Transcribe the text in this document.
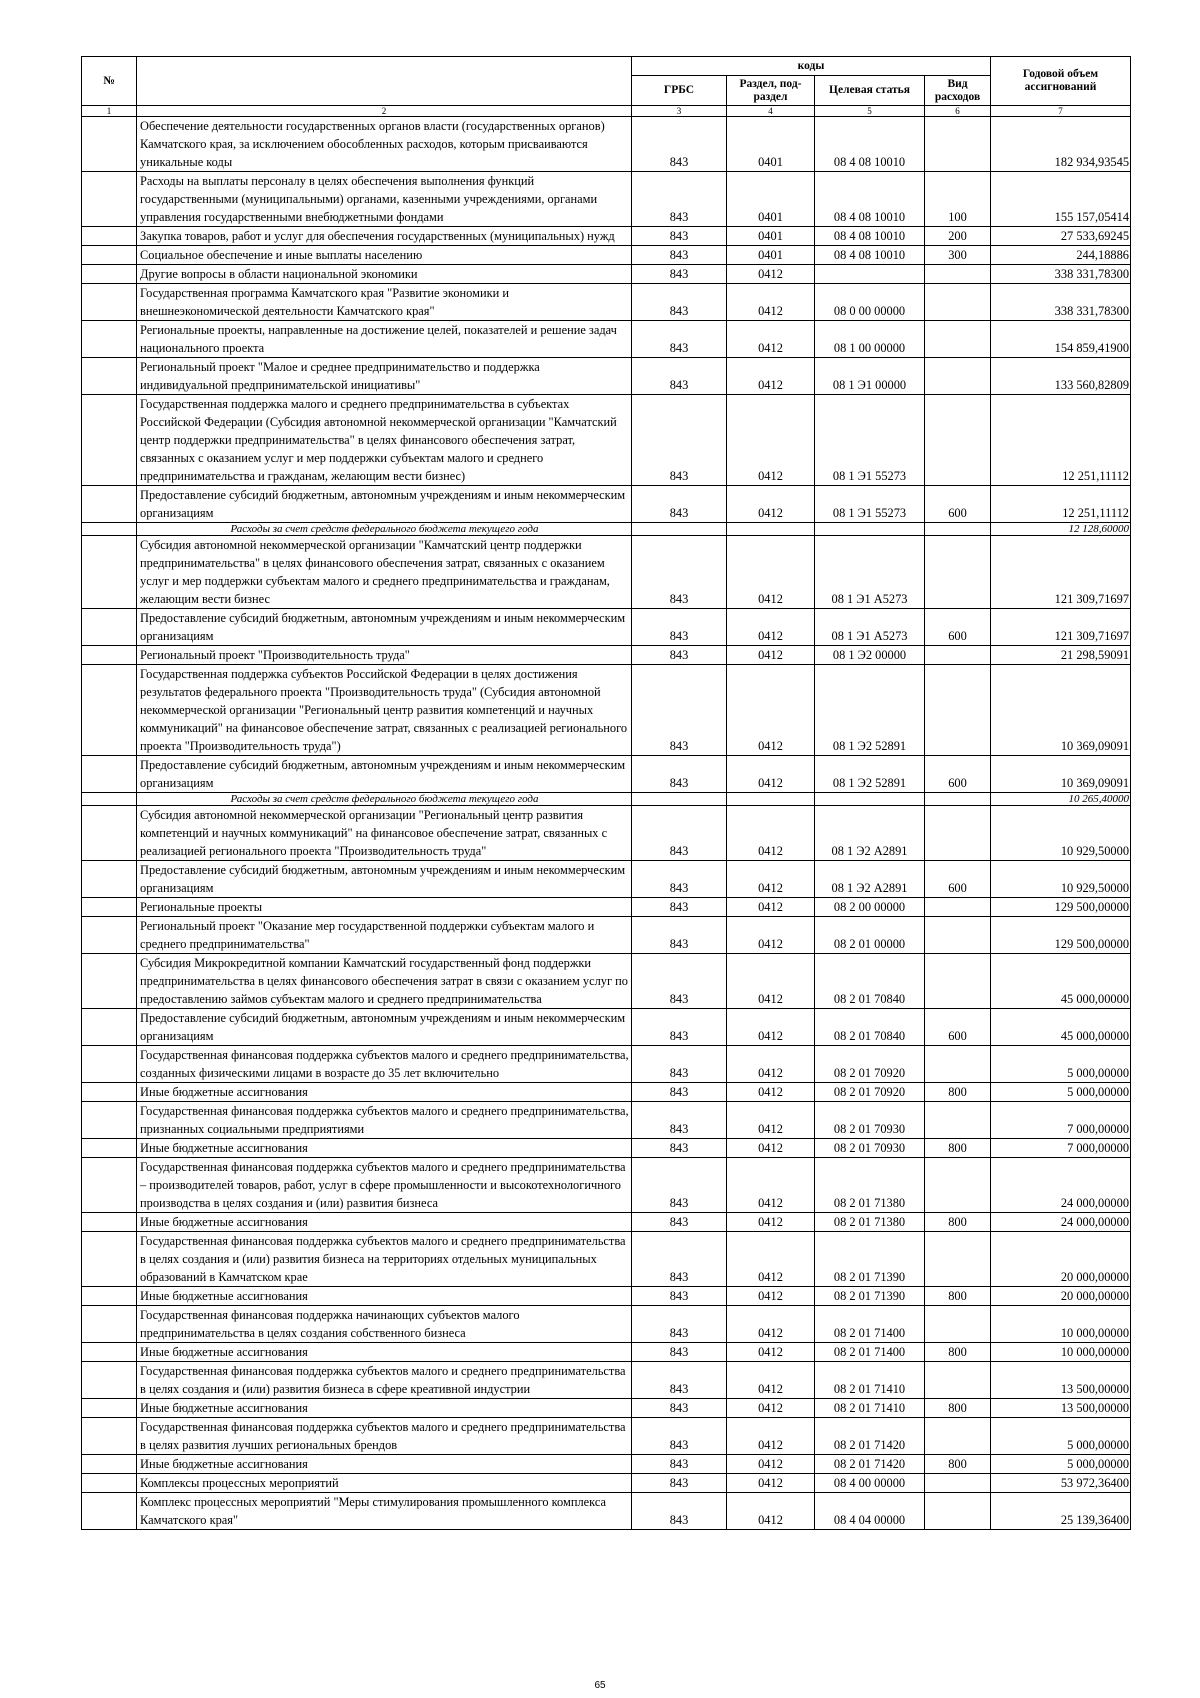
№		коды				Годовой объем ассигнований
		ГРБС	Раздел, под-раздел	Целевая статья	Вид расходов	
1	2	3	4	5	6	7
	Обеспечение деятельности государственных органов власти (государственных органов) Камчатского края, за исключением обособленных расходов, которым присваиваются уникальные коды	843	0401	08 4 08 10010		182 934,93545
	Расходы на выплаты персоналу в целях обеспечения выполнения функций государственными (муниципальными) органами, казенными учреждениями, органами управления государственными внебюджетными фондами	843	0401	08 4 08 10010	100	155 157,05414
	Закупка товаров, работ и услуг для обеспечения государственных (муниципальных) нужд	843	0401	08 4 08 10010	200	27 533,69245
	Социальное обеспечение и иные выплаты населению	843	0401	08 4 08 10010	300	244,18886
	Другие вопросы в области национальной экономики	843	0412			338 331,78300
	Государственная программа Камчатского края "Развитие экономики и внешнеэкономической деятельности Камчатского края"	843	0412	08 0 00 00000		338 331,78300
	Региональные проекты, направленные на достижение целей, показателей и решение задач национального проекта	843	0412	08 1 00 00000		154 859,41900
	Региональный проект "Малое и среднее предпринимательство и поддержка индивидуальной предпринимательской инициативы"	843	0412	08 1 Э1 00000		133 560,82809
	Государственная поддержка малого и среднего предпринимательства в субъектах Российской Федерации (Субсидия автономной некоммерческой организации "Камчатский центр поддержки предпринимательства" в целях финансового обеспечения затрат, связанных с оказанием услуг и мер поддержки субъектам малого и среднего предпринимательства и гражданам, желающим вести бизнес)	843	0412	08 1 Э1 55273		12 251,11112
	Предоставление субсидий бюджетным, автономным учреждениям и иным некоммерческим организациям	843	0412	08 1 Э1 55273	600	12 251,11112
	Расходы за счет средств федерального бюджета текущего года					12 128,60000
	Субсидия автономной некоммерческой организации "Камчатский центр поддержки предпринимательства" в целях финансового обеспечения затрат, связанных с оказанием услуг и мер поддержки субъектам малого и среднего предпринимательства и гражданам, желающим вести бизнес	843	0412	08 1 Э1 А5273		121 309,71697
	Предоставление субсидий бюджетным, автономным учреждениям и иным некоммерческим организациям	843	0412	08 1 Э1 А5273	600	121 309,71697
	Региональный проект "Производительность труда"	843	0412	08 1 Э2 00000		21 298,59091
	Государственная поддержка субъектов Российской Федерации в целях достижения результатов федерального проекта "Производительность труда" (Субсидия автономной некоммерческой организации "Региональный центр развития компетенций и научных коммуникаций" на финансовое обеспечение затрат, связанных с реализацией регионального проекта "Производительность труда")	843	0412	08 1 Э2 52891		10 369,09091
	Предоставление субсидий бюджетным, автономным учреждениям и иным некоммерческим организациям	843	0412	08 1 Э2 52891	600	10 369,09091
	Расходы за счет средств федерального бюджета текущего года					10 265,40000
	Субсидия автономной некоммерческой организации "Региональный центр развития компетенций и научных коммуникаций" на финансовое обеспечение затрат, связанных с реализацией регионального проекта "Производительность труда"	843	0412	08 1 Э2 А2891		10 929,50000
	Предоставление субсидий бюджетным, автономным учреждениям и иным некоммерческим организациям	843	0412	08 1 Э2 А2891	600	10 929,50000
	Региональные проекты	843	0412	08 2 00 00000		129 500,00000
	Региональный проект "Оказание мер государственной поддержки субъектам малого и среднего предпринимательства"	843	0412	08 2 01 00000		129 500,00000
	Субсидия Микрокредитной компании Камчатский государственный фонд поддержки предпринимательства в целях финансового обеспечения затрат в связи с оказанием услуг по предоставлению займов субъектам малого и среднего предпринимательства	843	0412	08 2 01 70840		45 000,00000
	Предоставление субсидий бюджетным, автономным учреждениям и иным некоммерческим организациям	843	0412	08 2 01 70840	600	45 000,00000
	Государственная финансовая поддержка субъектов малого и среднего предпринимательства, созданных физическими лицами в возрасте до 35 лет включительно	843	0412	08 2 01 70920		5 000,00000
	Иные бюджетные ассигнования	843	0412	08 2 01 70920	800	5 000,00000
	Государственная финансовая поддержка субъектов малого и среднего предпринимательства, признанных социальными предприятиями	843	0412	08 2 01 70930		7 000,00000
	Иные бюджетные ассигнования	843	0412	08 2 01 70930	800	7 000,00000
	Государственная финансовая поддержка субъектов малого и среднего предпринимательства – производителей товаров, работ, услуг в сфере промышленности и высокотехнологичного производства в целях создания и (или) развития бизнеса	843	0412	08 2 01 71380		24 000,00000
	Иные бюджетные ассигнования	843	0412	08 2 01 71380	800	24 000,00000
	Государственная финансовая поддержка субъектов малого и среднего предпринимательства в целях создания и (или) развития бизнеса на территориях отдельных муниципальных образований в Камчатском крае	843	0412	08 2 01 71390		20 000,00000
	Иные бюджетные ассигнования	843	0412	08 2 01 71390	800	20 000,00000
	Государственная финансовая поддержка начинающих субъектов малого предпринимательства в целях создания собственного бизнеса	843	0412	08 2 01 71400		10 000,00000
	Иные бюджетные ассигнования	843	0412	08 2 01 71400	800	10 000,00000
	Государственная финансовая поддержка субъектов малого и среднего предпринимательства в целях создания и (или) развития бизнеса в сфере креативной индустрии	843	0412	08 2 01 71410		13 500,00000
	Иные бюджетные ассигнования	843	0412	08 2 01 71410	800	13 500,00000
	Государственная финансовая поддержка субъектов малого и среднего предпринимательства в целях развития лучших региональных брендов	843	0412	08 2 01 71420		5 000,00000
	Иные бюджетные ассигнования	843	0412	08 2 01 71420	800	5 000,00000
	Комплексы процессных мероприятий	843	0412	08 4 00 00000		53 972,36400
	Комплекс процессных мероприятий "Меры стимулирования промышленного комплекса Камчатского края"	843	0412	08 4 04 00000		25 139,36400
65
